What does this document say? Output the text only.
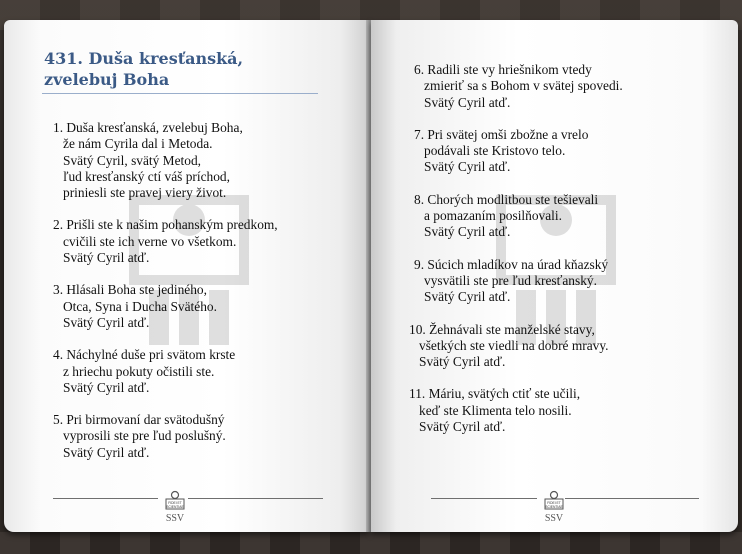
431. Duša kresťanská, zvelebuj Boha
1. Duša kresťanská, zvelebuj Boha,
že nám Cyrila dal i Metoda.
Svätý Cyril, svätý Metod,
ľud kresťanský ctí váš príchod,
priniesli ste pravej viery život.
2. Prišli ste k našim pohanským predkom,
cvičili ste ich verne vo všetkom.
Svätý Cyril atď.
3. Hlásali Boha ste jediného,
Otca, Syna i Ducha Svätého.
Svätý Cyril atď.
4. Náchylné duše pri svätom krste
z hriechu pokuty očistili ste.
Svätý Cyril atď.
5. Pri birmovaní dar svätodušný
vyprosili ste pre ľud poslušný.
Svätý Cyril atď.
FIDEI ET
SCIENTIAE
SSV
6. Radili ste vy hriešnikom vtedy
zmieriť sa s Bohom v svätej spovedi.
Svätý Cyril atď.
7. Pri svätej omši zbožne a vrelo
podávali ste Kristovo telo.
Svätý Cyril atď.
8. Chorých modlitbou ste tešievali
a pomazaním posilňovali.
Svätý Cyril atď.
9. Súcich mladíkov na úrad kňazský
vysvätili ste pre ľud kresťanský.
Svätý Cyril atď.
10. Žehnávali ste manželské stavy,
všetkých ste viedli na dobré mravy.
Svätý Cyril atď.
11. Máriu, svätých ctiť ste učili,
keď ste Klimenta telo nosili.
Svätý Cyril atď.
FIDEI ET
SCIENTIAE
SSV
